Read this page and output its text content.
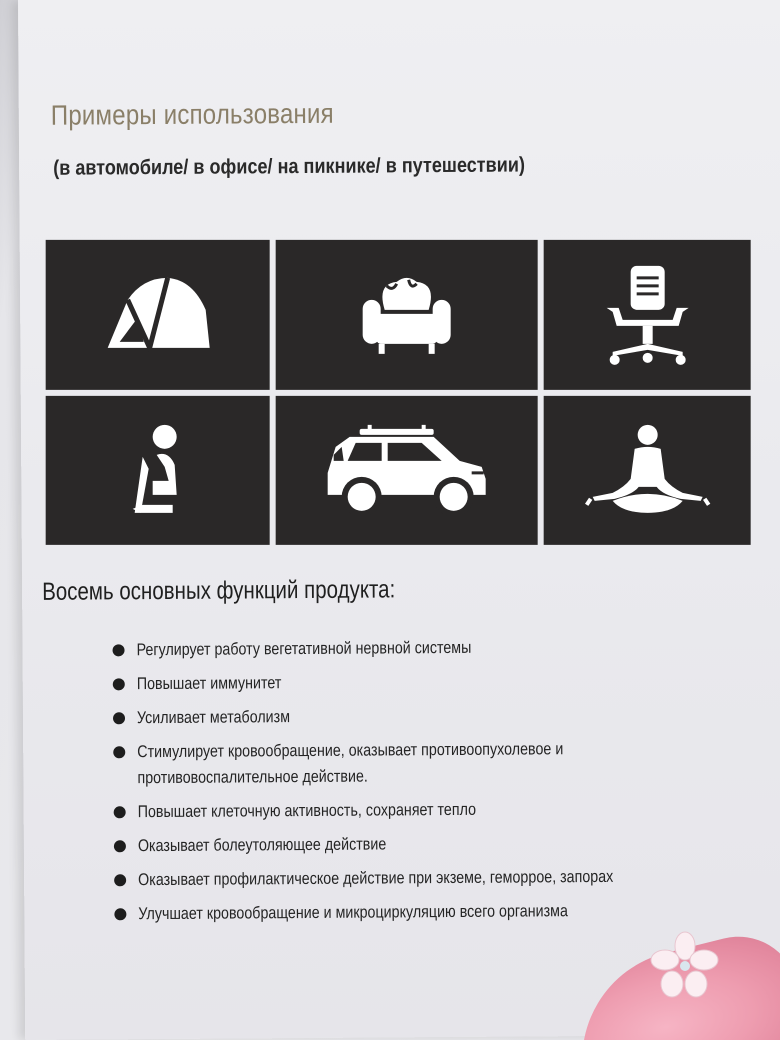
Примеры использования
(в автомобиле/ в офисе/ на пикнике/ в путешествии)
Восемь основных функций продукта:
Регулирует работу вегетативной нервной системы
Повышает иммунитет
Усиливает метаболизм
Стимулирует кровообращение, оказывает противоопухолевое и противовоспалительное действие.
Повышает клеточную активность, сохраняет тепло
Оказывает болеутоляющее действие
Оказывает профилактическое действие при экземе, геморрое, запорах
Улучшает кровообращение и микроциркуляцию всего организма
